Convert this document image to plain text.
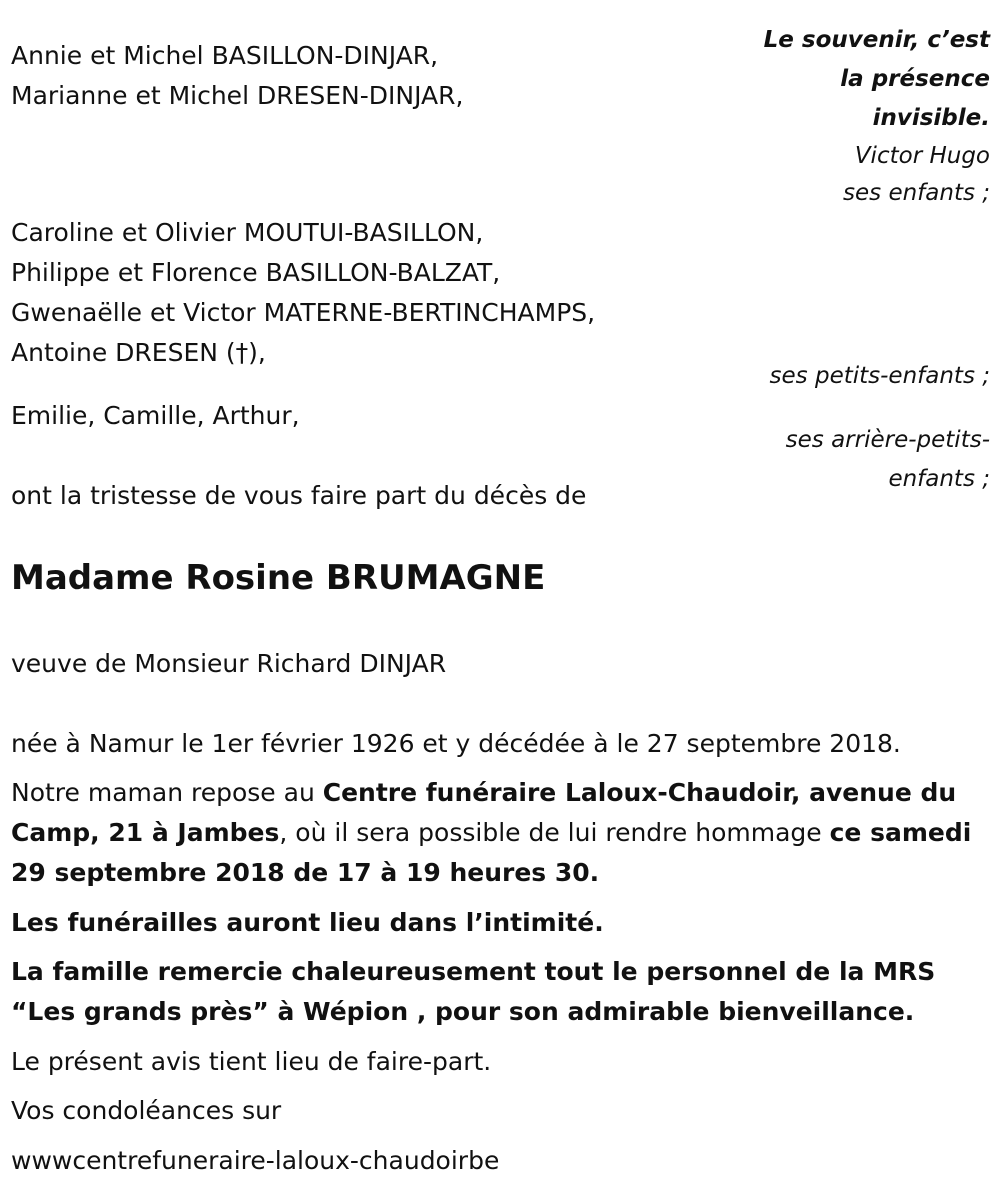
Annie et Michel BASILLON-DINJAR,
Marianne et Michel DRESEN-DINJAR,
Le souvenir, c’est
la présence
invisible.
Victor Hugo
ses enfants ;
Caroline et Olivier MOUTUI-BASILLON,
Philippe et Florence BASILLON-BALZAT,
Gwenaëlle et Victor MATERNE-BERTINCHAMPS,
Antoine DRESEN (†),
ses petits-enfants ;
Emilie, Camille, Arthur,
ses arrière-petits-
enfants ;
ont la tristesse de vous faire part du décès de
Madame Rosine BRUMAGNE
veuve de Monsieur Richard DINJAR
née à Namur le 1er février 1926 et y décédée à le 27 septembre 2018.
Notre maman repose au Centre funéraire Laloux-Chaudoir, avenue du Camp, 21 à Jambes, où il sera possible de lui rendre hommage ce samedi 29 septembre 2018 de 17 à 19 heures 30.
Les funérailles auront lieu dans l’intimité.
La famille remercie chaleureusement tout le personnel de la MRS “Les grands près” à Wépion , pour son admirable bienveillance.
Le présent avis tient lieu de faire-part.
Vos condoléances sur
wwwcentrefuneraire-laloux-chaudoirbe
